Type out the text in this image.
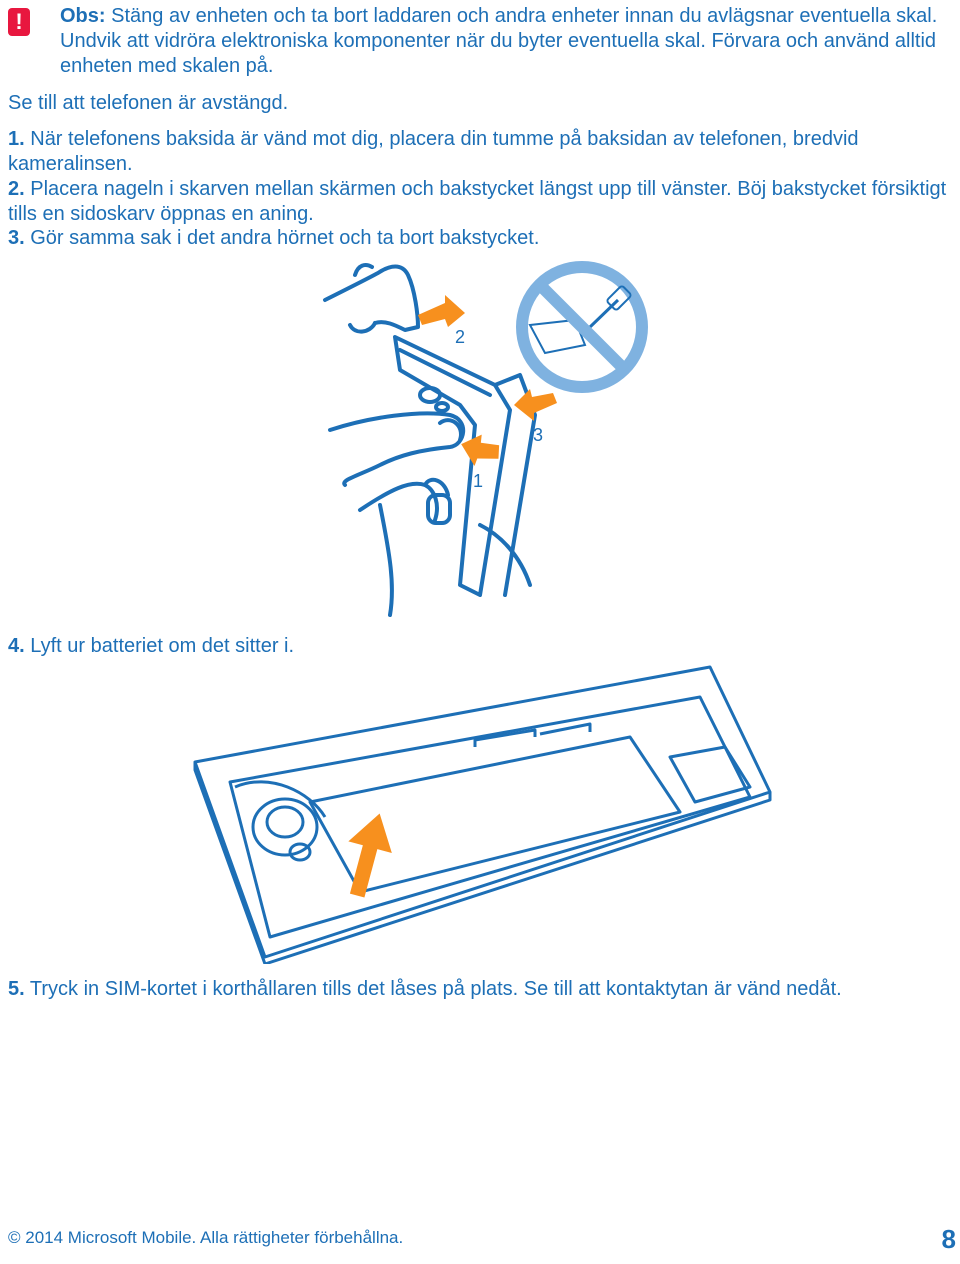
!	Obs: Stäng av enheten och ta bort laddaren och andra enheter innan du avlägsnar eventuella skal. Undvik att vidröra elektroniska komponenter när du byter eventuella skal. Förvara och använd alltid enheten med skalen på.
Se till att telefonen är avstängd.
1. När telefonens baksida är vänd mot dig, placera din tumme på baksidan av telefonen, bredvid kameralinsen.
2. Placera nageln i skarven mellan skärmen och bakstycket längst upp till vänster. Böj bakstycket försiktigt tills en sidoskarv öppnas en aning.
3. Gör samma sak i det andra hörnet och ta bort bakstycket.
2
3
1
4. Lyft ur batteriet om det sitter i.
5. Tryck in SIM-kortet i korthållaren tills det låses på plats. Se till att kontaktytan är vänd nedåt.
© 2014 Microsoft Mobile. Alla rättigheter förbehållna.	8
